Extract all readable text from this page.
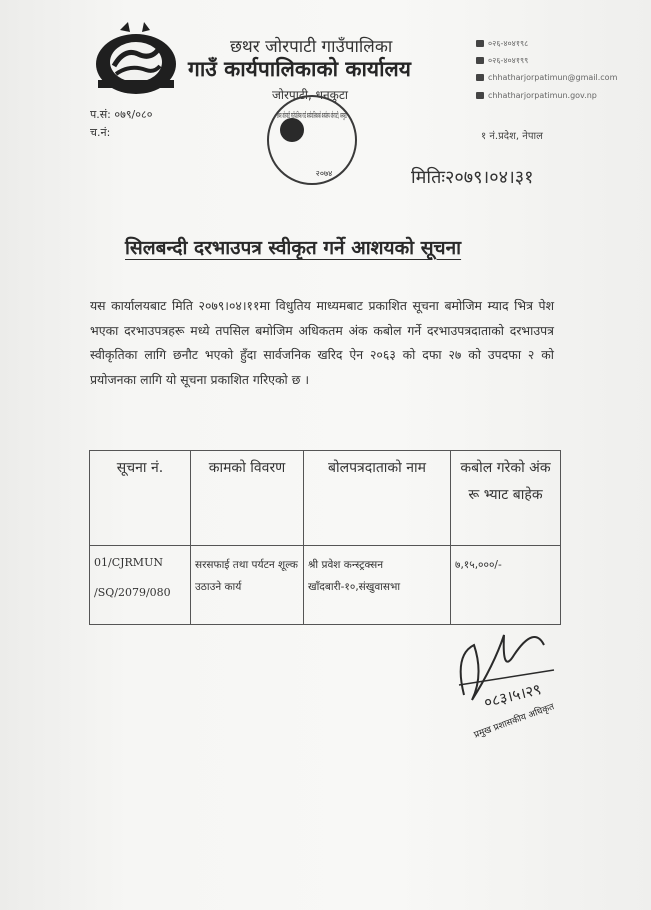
छथर जोरपाटी गाउँपालिका
गाउँ कार्यपालिकाको कार्यालय
जोरपाटी, धनकुटा
०२६-४०४१९८
०२६-४०४१९९
chhatharjorpatimun@gmail.com
chhatharjorpatimun.gov.np
प.सं: ०७९/०८०
च.नं:	१ नं.प्रदेश, नेपाल
छथर जोरपाटी गाउँपालिका गाउँ कार्यपालिकाको कार्यालय जोरपाटी, धनकुटा
२०७४	मितिः२०७९।०४।३१
सिलबन्दी दरभाउपत्र स्वीकृत गर्ने आशयको सूचना
यस कार्यालयबाट मिति २०७९।०४।११मा विधुतिय माध्यमबाट प्रकाशित सूचना बमोजिम म्याद भित्र पेश भएका दरभाउपत्रहरू मध्ये तपसिल बमोजिम अधिकतम अंक कबोल गर्ने दरभाउपत्रदाताको दरभाउपत्र स्वीकृतिका लागि छनौट भएको हुँदा सार्वजनिक खरिद ऐन २०६३ को दफा २७ को उपदफा २ को प्रयोजनका लागि यो सूचना प्रकाशित गरिएको छ ।
सूचना नं.	कामको विवरण	बोलपत्रदाताको नाम	कबोल गरेको अंक रू भ्याट बाहेक
01/CJRMUN /SQ/2079/080	सरसफाई तथा पर्यटन शूल्क उठाउने कार्य	श्री प्रवेश कन्स्ट्रक्सन खाँदबारी-१०,संखुवासभा	७,१५,०००/-
०८३।५।२९
प्रमुख प्रशासकीय अधिकृत
